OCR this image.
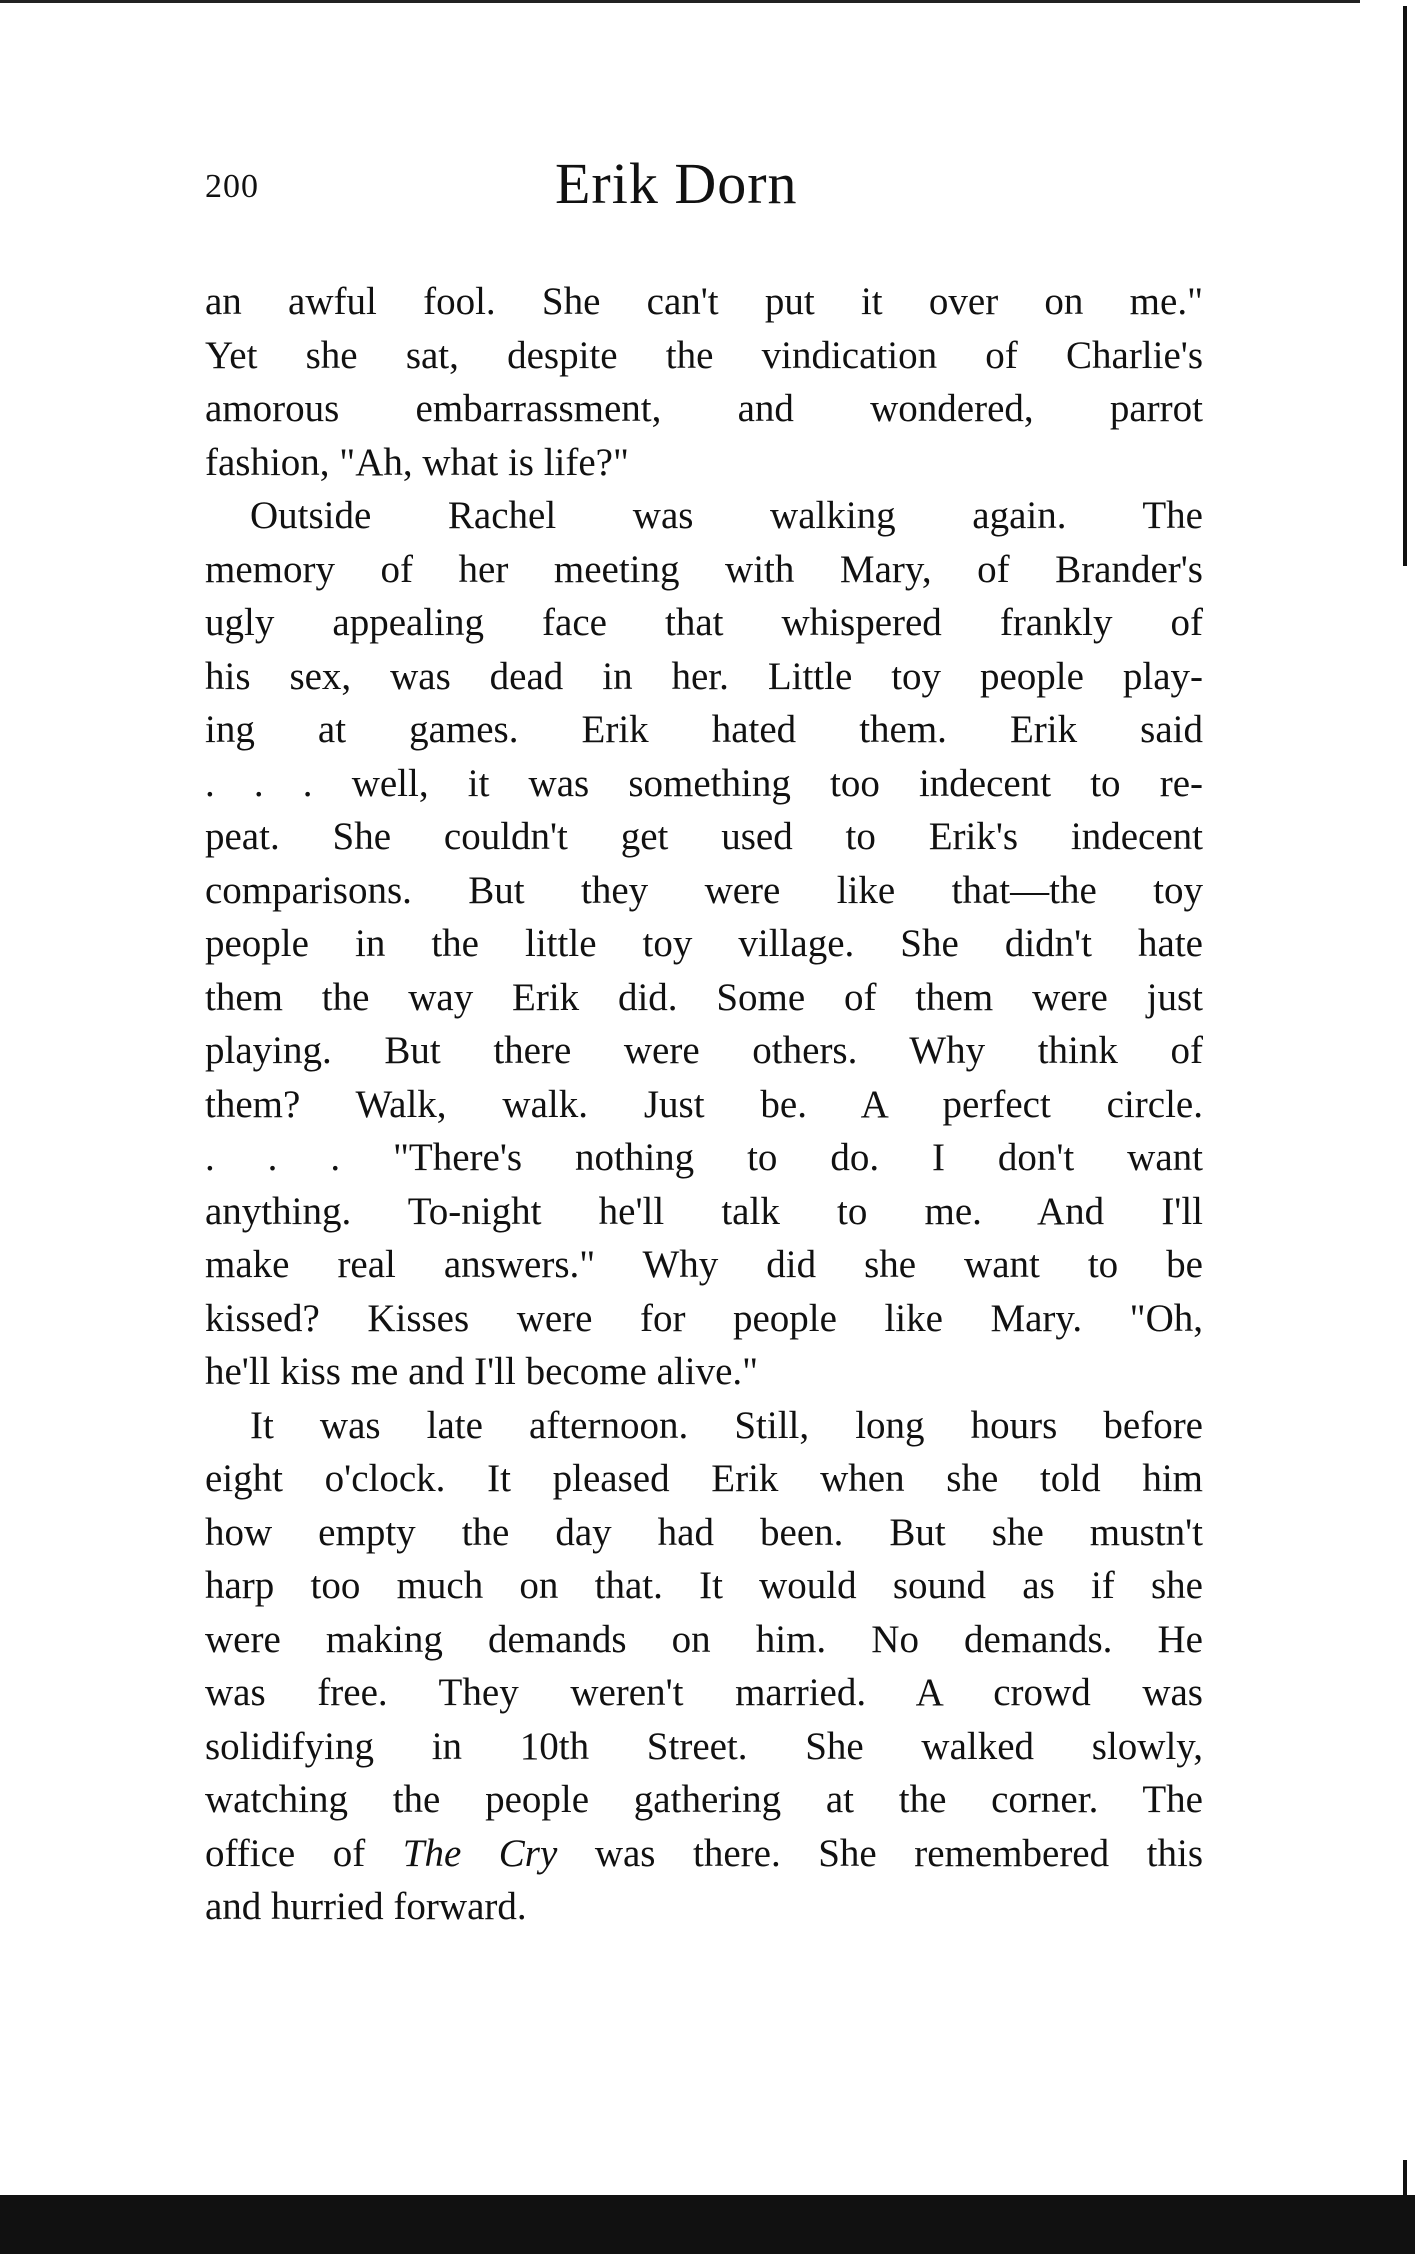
200	Erik Dorn

an awful fool. She can't put it over on me."
Yet she sat, despite the vindication of Charlie's
amorous embarrassment, and wondered, parrot
fashion, "Ah, what is life?"

Outside Rachel was walking again. The
memory of her meeting with Mary, of Brander's
ugly appealing face that whispered frankly of
his sex, was dead in her. Little toy people play-
ing at games. Erik hated them. Erik said
. . . well, it was something too indecent to re-
peat. She couldn't get used to Erik's indecent
comparisons. But they were like that—the toy
people in the little toy village. She didn't hate
them the way Erik did. Some of them were just
playing. But there were others. Why think of
them? Walk, walk. Just be. A perfect circle.
. . . "There's nothing to do. I don't want
anything. To-night he'll talk to me. And I'll
make real answers." Why did she want to be
kissed? Kisses were for people like Mary. "Oh,
he'll kiss me and I'll become alive."

It was late afternoon. Still, long hours before
eight o'clock. It pleased Erik when she told him
how empty the day had been. But she mustn't
harp too much on that. It would sound as if she
were making demands on him. No demands. He
was free. They weren't married. A crowd was
solidifying in 10th Street. She walked slowly,
watching the people gathering at the corner. The
office of The Cry was there. She remembered this
and hurried forward.
